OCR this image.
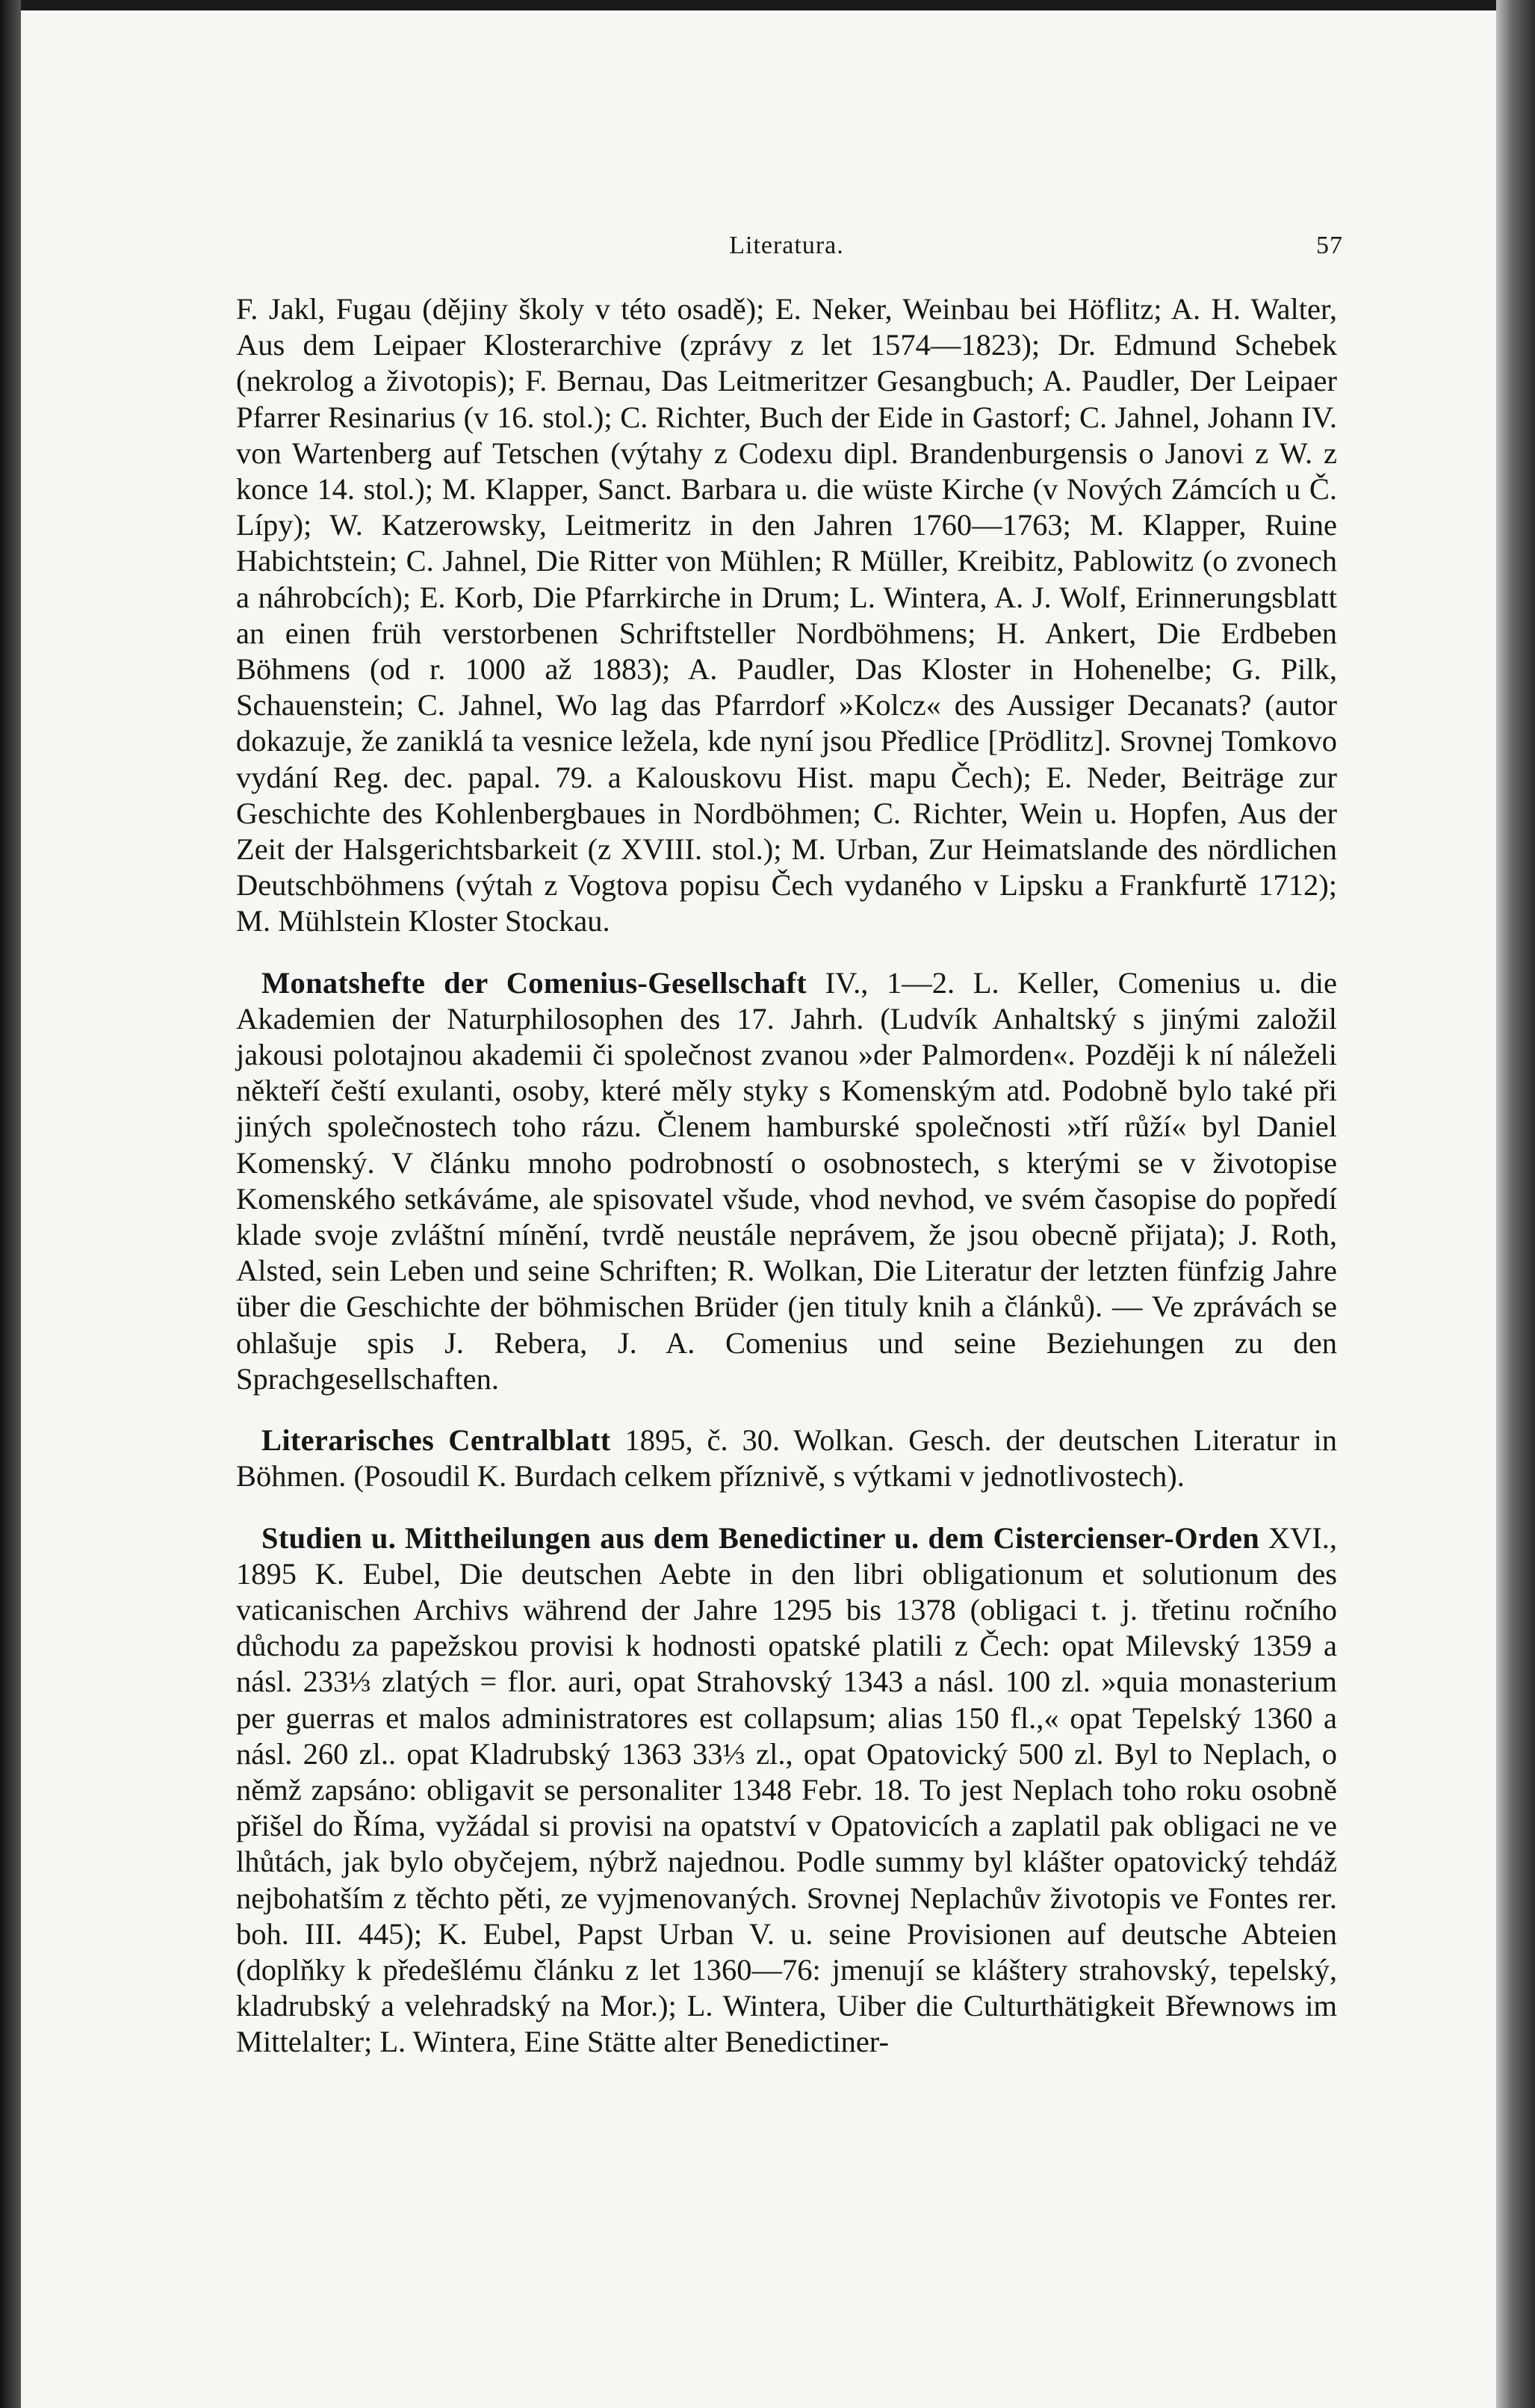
Literatura.	57

F. Jakl, Fugau (dějiny školy v této osadě); E. Neker, Weinbau bei Höflitz; A. H. Walter, Aus dem Leipaer Klosterarchive (zprávy z let 1574—1823); Dr. Edmund Schebek (nekrolog a životopis); F. Bernau, Das Leitmeritzer Gesangbuch; A. Paudler, Der Leipaer Pfarrer Resinarius (v 16. stol.); C. Richter, Buch der Eide in Gastorf; C. Jahnel, Johann IV. von Wartenberg auf Tetschen (výtahy z Codexu dipl. Brandenburgensis o Janovi z W. z konce 14. stol.); M. Klapper, Sanct. Barbara u. die wüste Kirche (v Nových Zámcích u Č. Lípy); W. Katzerowsky, Leitmeritz in den Jahren 1760—1763; M. Klapper, Ruine Habichtstein; C. Jahnel, Die Ritter von Mühlen; R Müller, Kreibitz, Pablowitz (o zvonech a náhrobcích); E. Korb, Die Pfarrkirche in Drum; L. Wintera, A. J. Wolf, Erinnerungsblatt an einen früh verstorbenen Schriftsteller Nordböhmens; H. Ankert, Die Erdbeben Böhmens (od r. 1000 až 1883); A. Paudler, Das Kloster in Hohenelbe; G. Pilk, Schauenstein; C. Jahnel, Wo lag das Pfarrdorf »Kolcz« des Aussiger Decanats? (autor dokazuje, že zaniklá ta vesnice ležela, kde nyní jsou Předlice [Prödlitz]. Srovnej Tomkovo vydání Reg. dec. papal. 79. a Kalouskovu Hist. mapu Čech); E. Neder, Beiträge zur Geschichte des Kohlenbergbaues in Nordböhmen; C. Richter, Wein u. Hopfen, Aus der Zeit der Halsgerichtsbarkeit (z XVIII. stol.); M. Urban, Zur Heimatslande des nördlichen Deutschböhmens (výtah z Vogtova popisu Čech vydaného v Lipsku a Frankfurtě 1712); M. Mühlstein Kloster Stockau.

Monatshefte der Comenius-Gesellschaft IV., 1—2. L. Keller, Comenius u. die Akademien der Naturphilosophen des 17. Jahrh. (Ludvík Anhaltský s jinými založil jakousi polotajnou akademii či společnost zvanou »der Palmorden«. Později k ní náleželi někteří čeští exulanti, osoby, které měly styky s Komenským atd. Podobně bylo také při jiných společnostech toho rázu. Členem hamburské společnosti »tří růží« byl Daniel Komenský. V článku mnoho podrobností o osobnostech, s kterými se v životopise Komenského setkáváme, ale spisovatel všude, vhod nevhod, ve svém časopise do popředí klade svoje zvláštní mínění, tvrdě neustále neprávem, že jsou obecně přijata); J. Roth, Alsted, sein Leben und seine Schriften; R. Wolkan, Die Literatur der letzten fünfzig Jahre über die Geschichte der böhmischen Brüder (jen tituly knih a článků). — Ve zprávách se ohlašuje spis J. Rebera, J. A. Comenius und seine Beziehungen zu den Sprachgesellschaften.

Literarisches Centralblatt 1895, č. 30. Wolkan. Gesch. der deutschen Literatur in Böhmen. (Posoudil K. Burdach celkem příznivě, s výtkami v jednotlivostech).

Studien u. Mittheilungen aus dem Benedictiner u. dem Cistercienser-Orden XVI., 1895 K. Eubel, Die deutschen Aebte in den libri obligationum et solutionum des vaticanischen Archivs während der Jahre 1295 bis 1378 (obligaci t. j. třetinu ročního důchodu za papežskou provisi k hodnosti opatské platili z Čech: opat Milevský 1359 a násl. 233⅓ zlatých = flor. auri, opat Strahovský 1343 a násl. 100 zl. »quia monasterium per guerras et malos administratores est collapsum; alias 150 fl.,« opat Tepelský 1360 a násl. 260 zl.. opat Kladrubský 1363 33⅓ zl., opat Opatovický 500 zl. Byl to Neplach, o němž zapsáno: obligavit se personaliter 1348 Febr. 18. To jest Neplach toho roku osobně přišel do Říma, vyžádal si provisi na opatství v Opatovicích a zaplatil pak obligaci ne ve lhůtách, jak bylo obyčejem, nýbrž najednou. Podle summy byl klášter opatovický tehdáž nejbohatším z těchto pěti, ze vyjmenovaných. Srovnej Neplachův životopis ve Fontes rer. boh. III. 445); K. Eubel, Papst Urban V. u. seine Provisionen auf deutsche Abteien (doplňky k předešlému článku z let 1360—76: jmenují se kláštery strahovský, tepelský, kladrubský a velehradský na Mor.); L. Wintera, Uiber die Culturthätigkeit Břewnows im Mittelalter; L. Wintera, Eine Stätte alter Benedictiner-
